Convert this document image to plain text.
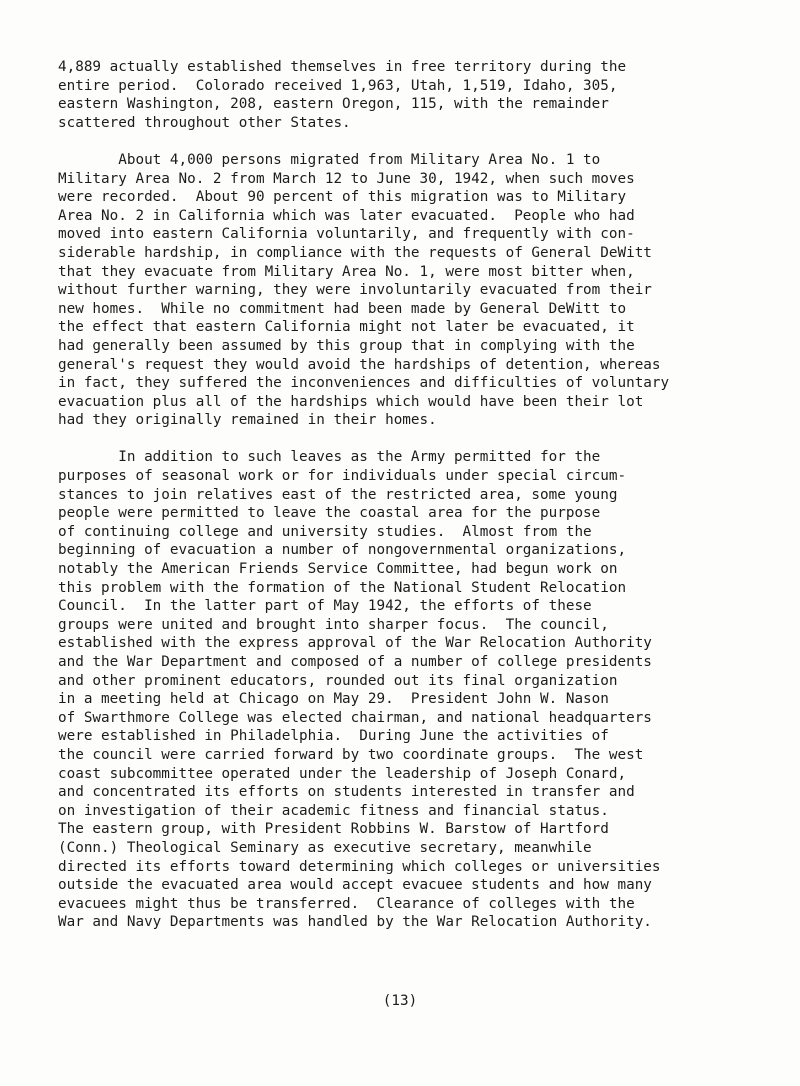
4,889 actually established themselves in free territory during the
entire period.  Colorado received 1,963, Utah, 1,519, Idaho, 305,
eastern Washington, 208, eastern Oregon, 115, with the remainder
scattered throughout other States.

About 4,000 persons migrated from Military Area No. 1 to
Military Area No. 2 from March 12 to June 30, 1942, when such moves
were recorded.  About 90 percent of this migration was to Military
Area No. 2 in California which was later evacuated.  People who had
moved into eastern California voluntarily, and frequently with con-
siderable hardship, in compliance with the requests of General DeWitt
that they evacuate from Military Area No. 1, were most bitter when,
without further warning, they were involuntarily evacuated from their
new homes.  While no commitment had been made by General DeWitt to
the effect that eastern California might not later be evacuated, it
had generally been assumed by this group that in complying with the
general's request they would avoid the hardships of detention, whereas
in fact, they suffered the inconveniences and difficulties of voluntary
evacuation plus all of the hardships which would have been their lot
had they originally remained in their homes.

In addition to such leaves as the Army permitted for the
purposes of seasonal work or for individuals under special circum-
stances to join relatives east of the restricted area, some young
people were permitted to leave the coastal area for the purpose
of continuing college and university studies.  Almost from the
beginning of evacuation a number of nongovernmental organizations,
notably the American Friends Service Committee, had begun work on
this problem with the formation of the National Student Relocation
Council.  In the latter part of May 1942, the efforts of these
groups were united and brought into sharper focus.  The council,
established with the express approval of the War Relocation Authority
and the War Department and composed of a number of college presidents
and other prominent educators, rounded out its final organization
in a meeting held at Chicago on May 29.  President John W. Nason
of Swarthmore College was elected chairman, and national headquarters
were established in Philadelphia.  During June the activities of
the council were carried forward by two coordinate groups.  The west
coast subcommittee operated under the leadership of Joseph Conard,
and concentrated its efforts on students interested in transfer and
on investigation of their academic fitness and financial status.
The eastern group, with President Robbins W. Barstow of Hartford
(Conn.) Theological Seminary as executive secretary, meanwhile
directed its efforts toward determining which colleges or universities
outside the evacuated area would accept evacuee students and how many
evacuees might thus be transferred.  Clearance of colleges with the
War and Navy Departments was handled by the War Relocation Authority.

(13)
